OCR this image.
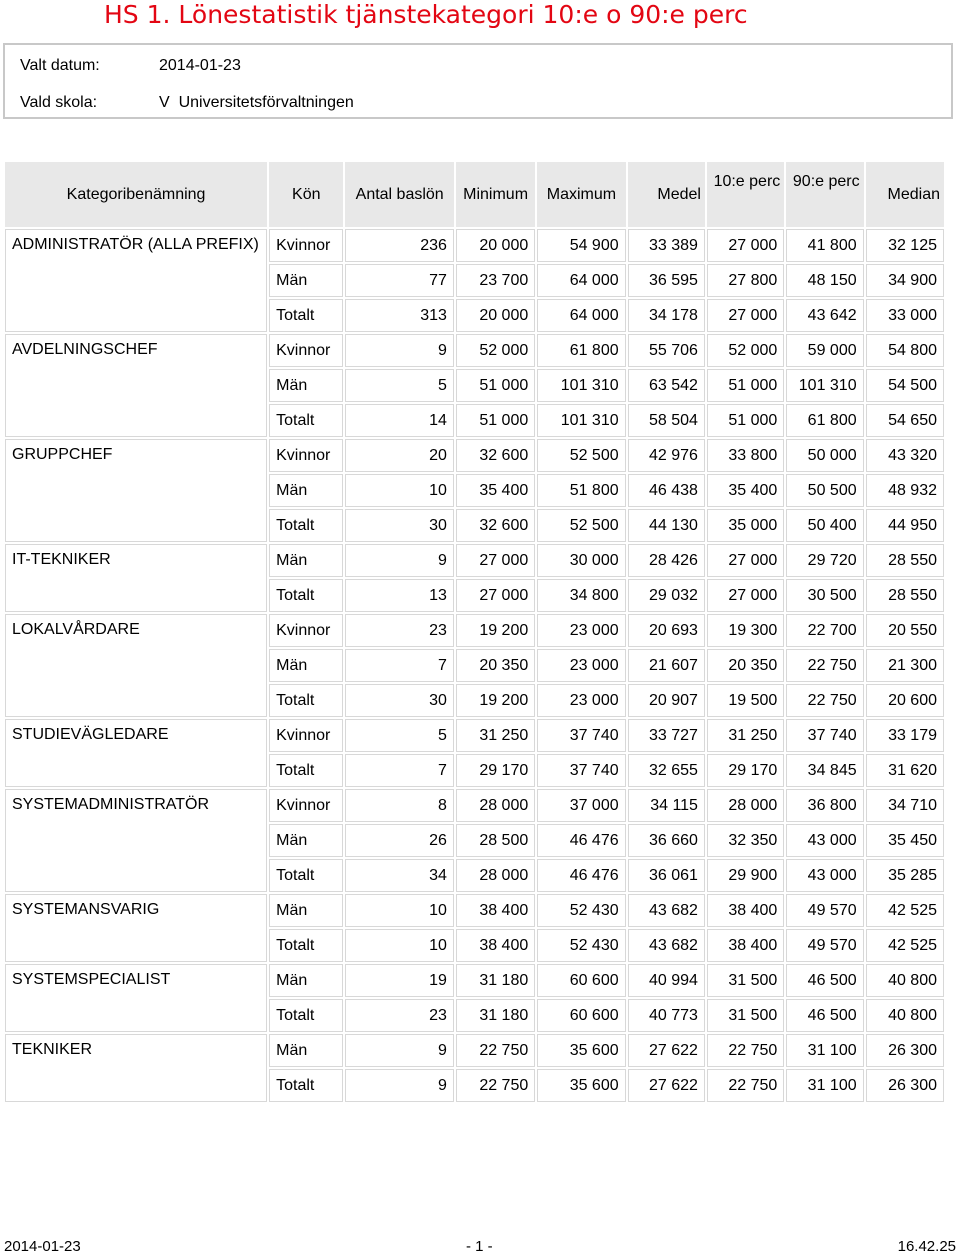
HS 1. Lönestatistik tjänstekategori 10:e o 90:e perc
Valt datum:	2014-01-23
Vald skola:	V  Universitetsförvaltningen
Kategoribenämning	Kön	Antal baslön	Minimum	Maximum	Medel	10:e perc	90:e perc	Median
ADMINISTRATÖR (ALLA PREFIX)	Kvinnor	236	20 000	54 900	33 389	27 000	41 800	32 125
	Män	77	23 700	64 000	36 595	27 800	48 150	34 900
	Totalt	313	20 000	64 000	34 178	27 000	43 642	33 000
AVDELNINGSCHEF	Kvinnor	9	52 000	61 800	55 706	52 000	59 000	54 800
	Män	5	51 000	101 310	63 542	51 000	101 310	54 500
	Totalt	14	51 000	101 310	58 504	51 000	61 800	54 650
GRUPPCHEF	Kvinnor	20	32 600	52 500	42 976	33 800	50 000	43 320
	Män	10	35 400	51 800	46 438	35 400	50 500	48 932
	Totalt	30	32 600	52 500	44 130	35 000	50 400	44 950
IT-TEKNIKER	Män	9	27 000	30 000	28 426	27 000	29 720	28 550
	Totalt	13	27 000	34 800	29 032	27 000	30 500	28 550
LOKALVÅRDARE	Kvinnor	23	19 200	23 000	20 693	19 300	22 700	20 550
	Män	7	20 350	23 000	21 607	20 350	22 750	21 300
	Totalt	30	19 200	23 000	20 907	19 500	22 750	20 600
STUDIEVÄGLEDARE	Kvinnor	5	31 250	37 740	33 727	31 250	37 740	33 179
	Totalt	7	29 170	37 740	32 655	29 170	34 845	31 620
SYSTEMADMINISTRATÖR	Kvinnor	8	28 000	37 000	34 115	28 000	36 800	34 710
	Män	26	28 500	46 476	36 660	32 350	43 000	35 450
	Totalt	34	28 000	46 476	36 061	29 900	43 000	35 285
SYSTEMANSVARIG	Män	10	38 400	52 430	43 682	38 400	49 570	42 525
	Totalt	10	38 400	52 430	43 682	38 400	49 570	42 525
SYSTEMSPECIALIST	Män	19	31 180	60 600	40 994	31 500	46 500	40 800
	Totalt	23	31 180	60 600	40 773	31 500	46 500	40 800
TEKNIKER	Män	9	22 750	35 600	27 622	22 750	31 100	26 300
	Totalt	9	22 750	35 600	27 622	22 750	31 100	26 300
2014-01-23	- 1 -	16.42.25
